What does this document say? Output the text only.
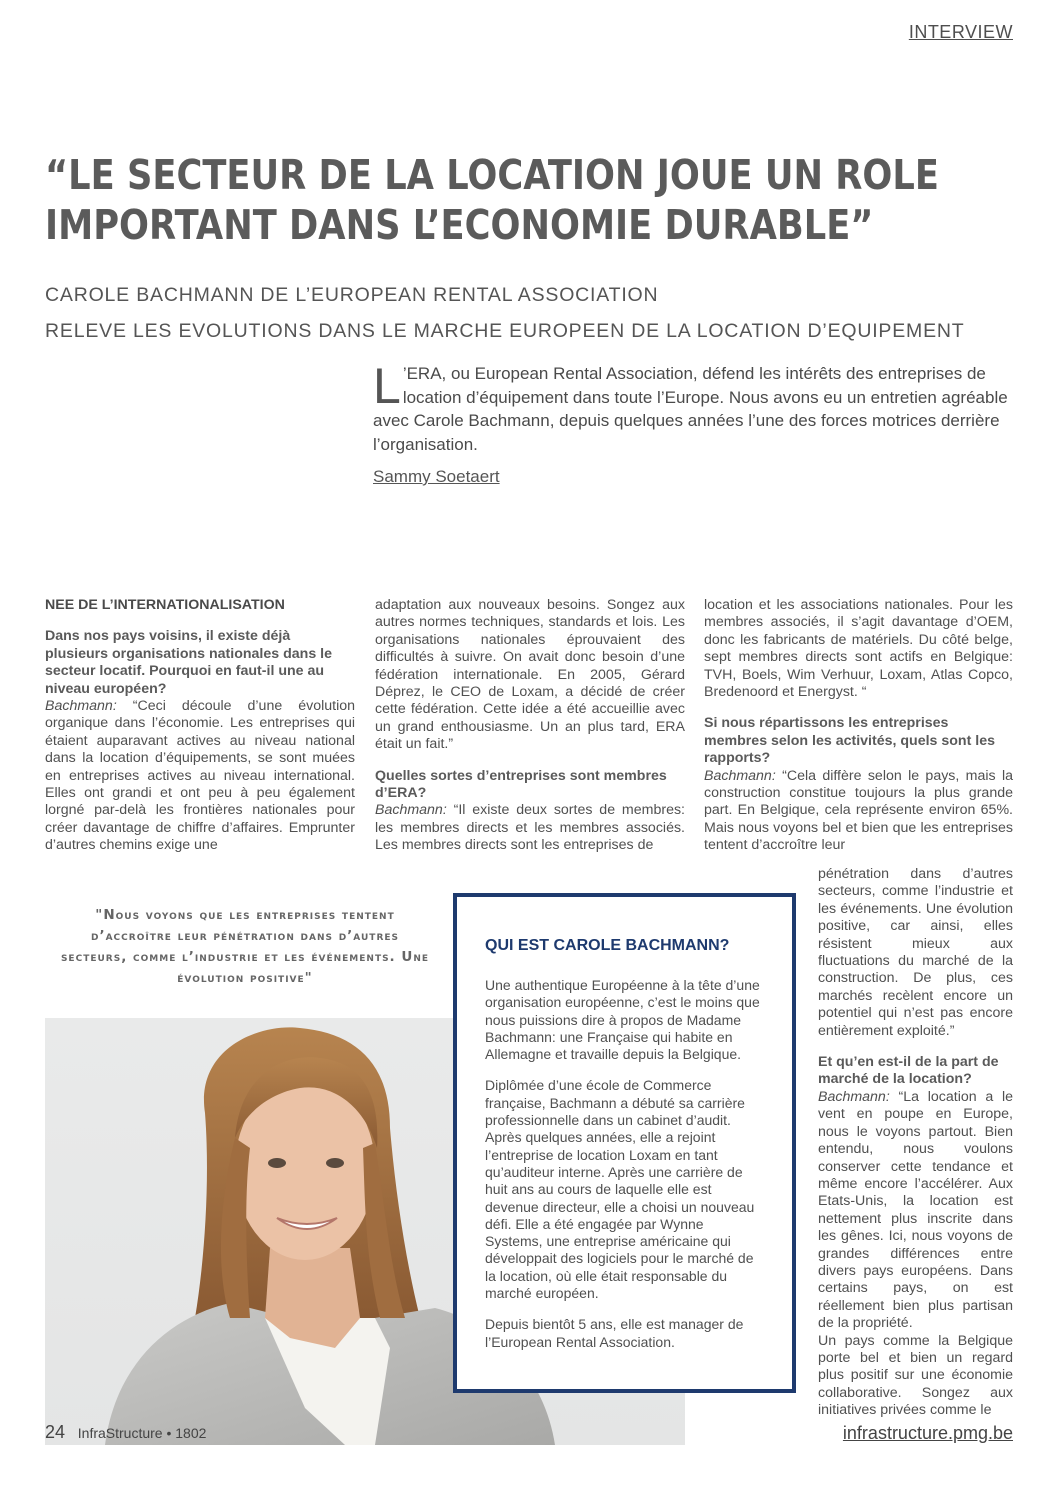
INTERVIEW
“LE SECTEUR DE LA LOCATION JOUE UN ROLE
IMPORTANT DANS L’ECONOMIE DURABLE”
CAROLE BACHMANN DE L’EUROPEAN RENTAL ASSOCIATION
RELEVE LES EVOLUTIONS DANS LE MARCHE EUROPEEN DE LA LOCATION D’EQUIPEMENT

L ’ERA, ou European Rental Association, défend les intérêts des entreprises de location d’équipement dans toute l’Europe. Nous avons eu un entretien agréable avec Carole Bachmann, depuis quelques années l’une des forces motrices derrière l’organisation.

Sammy Soetaert

NEE DE L’INTERNATIONALISATION

Dans nos pays voisins, il existe déjà plusieurs organisations nationales dans le secteur locatif. Pourquoi en faut-il une au niveau européen?

Bachmann: “Ceci découle d’une évolution organique dans l’économie. Les entreprises qui étaient auparavant actives au niveau national dans la location d’équipements, se sont muées en entreprises actives au niveau international. Elles ont grandi et ont peu à peu également lorgné par-delà les frontières nationales pour créer davantage de chiffre d’affaires. Emprunter d’autres chemins exige une

adaptation aux nouveaux besoins. Songez aux autres normes techniques, standards et lois. Les organisations nationales éprouvaient des difficultés à suivre. On avait donc besoin d’une fédération internationale. En 2005, Gérard Déprez, le CEO de Loxam, a décidé de créer cette fédération. Cette idée a été accueillie avec un grand enthousiasme. Un an plus tard, ERA était un fait.”

Quelles sortes d’entreprises sont membres d’ERA?

Bachmann: “Il existe deux sortes de membres: les membres directs et les membres associés. Les membres directs sont les entreprises de

location et les associations nationales. Pour les membres associés, il s’agit davantage d’OEM, donc les fabricants de matériels. Du côté belge, sept membres directs sont actifs en Belgique: TVH, Boels, Wim Verhuur, Loxam, Atlas Copco, Bredenoord et Energyst. “

Si nous répartissons les entreprises membres selon les activités, quels sont les rapports?

Bachmann: “Cela diffère selon le pays, mais la construction constitue toujours la plus grande part. En Belgique, cela représente environ 65%. Mais nous voyons bel et bien que les entreprises tentent d’accroître leur

pénétration dans d’autres secteurs, comme l’industrie et les événements. Une évolution positive, car ainsi, elles résistent mieux aux fluctuations du marché de la construction. De plus, ces marchés recèlent encore un potentiel qui n’est pas encore entièrement exploité.”

Et qu’en est-il de la part de marché de la location?

Bachmann: “La location a le vent en poupe en Europe, nous le voyons partout. Bien entendu, nous voulons conserver cette tendance et même encore l’accélérer. Aux Etats-Unis, la location est nettement plus inscrite dans les gênes. Ici, nous voyons de grandes différences entre divers pays européens. Dans certains pays, on est réellement bien plus partisan de la propriété.

Un pays comme la Belgique porte bel et bien un regard plus positif sur une économie collaborative. Songez aux initiatives privées comme le

"Nous voyons que les entreprises tentent d’accroître leur pénétration dans d’autres secteurs, comme l’industrie et les événements. Une évolution positive"
QUI EST CAROLE BACHMANN?

Une authentique Européenne à la tête d’une organisation européenne, c’est le moins que nous puissions dire à propos de Madame Bachmann: une Française qui habite en Allemagne et travaille depuis la Belgique.

Diplômée d’une école de Commerce française, Bachmann a débuté sa carrière professionnelle dans un cabinet d’audit. Après quelques années, elle a rejoint l’entreprise de location Loxam en tant qu’auditeur interne. Après une carrière de huit ans au cours de laquelle elle est devenue directeur, elle a choisi un nouveau défi. Elle a été engagée par Wynne Systems, une entreprise américaine qui développait des logiciels pour le marché de la location, où elle était responsable du marché européen.

Depuis bientôt 5 ans, elle est manager de l’European Rental Association.

24 InfraStructure • 1802	infrastructure.pmg.be
